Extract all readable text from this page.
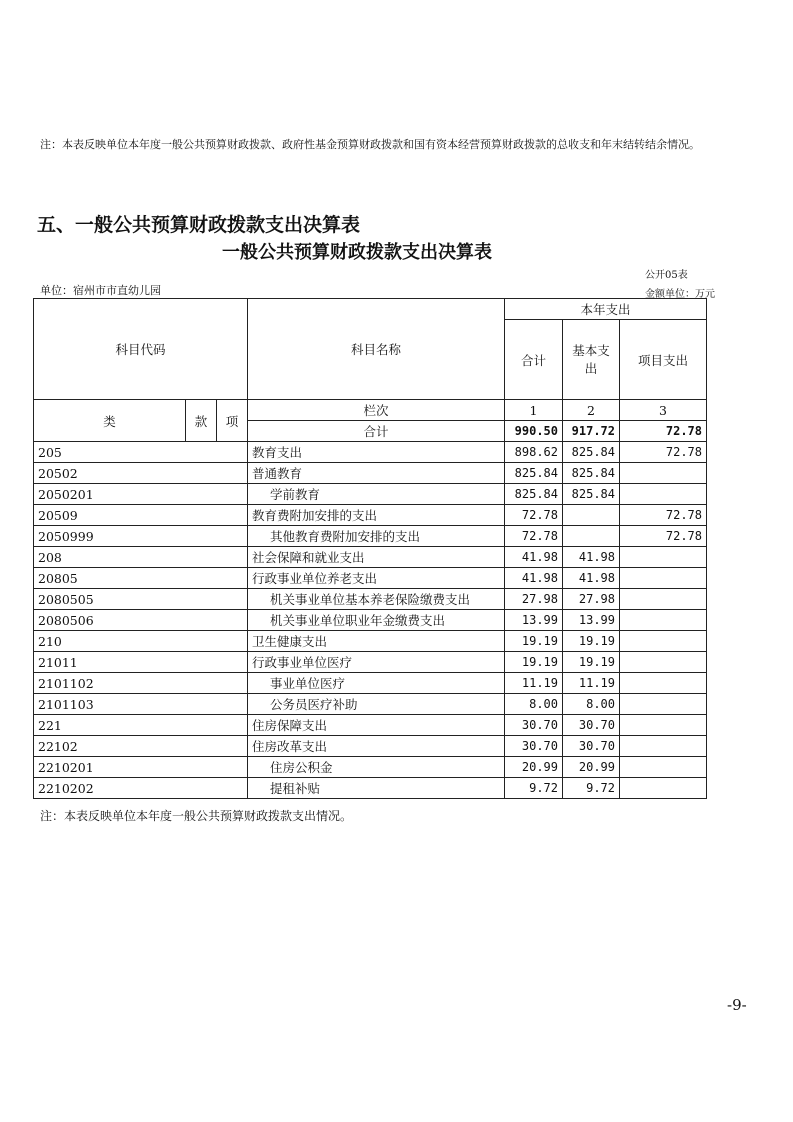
注：本表反映单位本年度一般公共预算财政拨款、政府性基金预算财政拨款和国有资本经营预算财政拨款的总收支和年末结转结余情况。
五、一般公共预算财政拨款支出决算表
一般公共预算财政拨款支出决算表
公开05表
单位：宿州市市直幼儿园	金额单位：万元
科目代码			科目名称	本年支出		
				合计	基本支出	项目支出

类	款	项	栏次	1	2	3
			合计	990.50	917.72	72.78
205			教育支出	898.62	825.84	72.78
20502			普通教育	825.84	825.84	
2050201			学前教育	825.84	825.84	
20509			教育费附加安排的支出	72.78		72.78
2050999			其他教育费附加安排的支出	72.78		72.78
208			社会保障和就业支出	41.98	41.98	
20805			行政事业单位养老支出	41.98	41.98	
2080505			机关事业单位基本养老保险缴费支出	27.98	27.98	
2080506			机关事业单位职业年金缴费支出	13.99	13.99	
210			卫生健康支出	19.19	19.19	
21011			行政事业单位医疗	19.19	19.19	
2101102			事业单位医疗	11.19	11.19	
2101103			公务员医疗补助	8.00	8.00	
221			住房保障支出	30.70	30.70	
22102			住房改革支出	30.70	30.70	
2210201			住房公积金	20.99	20.99	
2210202			提租补贴	9.72	9.72	
注：本表反映单位本年度一般公共预算财政拨款支出情况。
-9-
